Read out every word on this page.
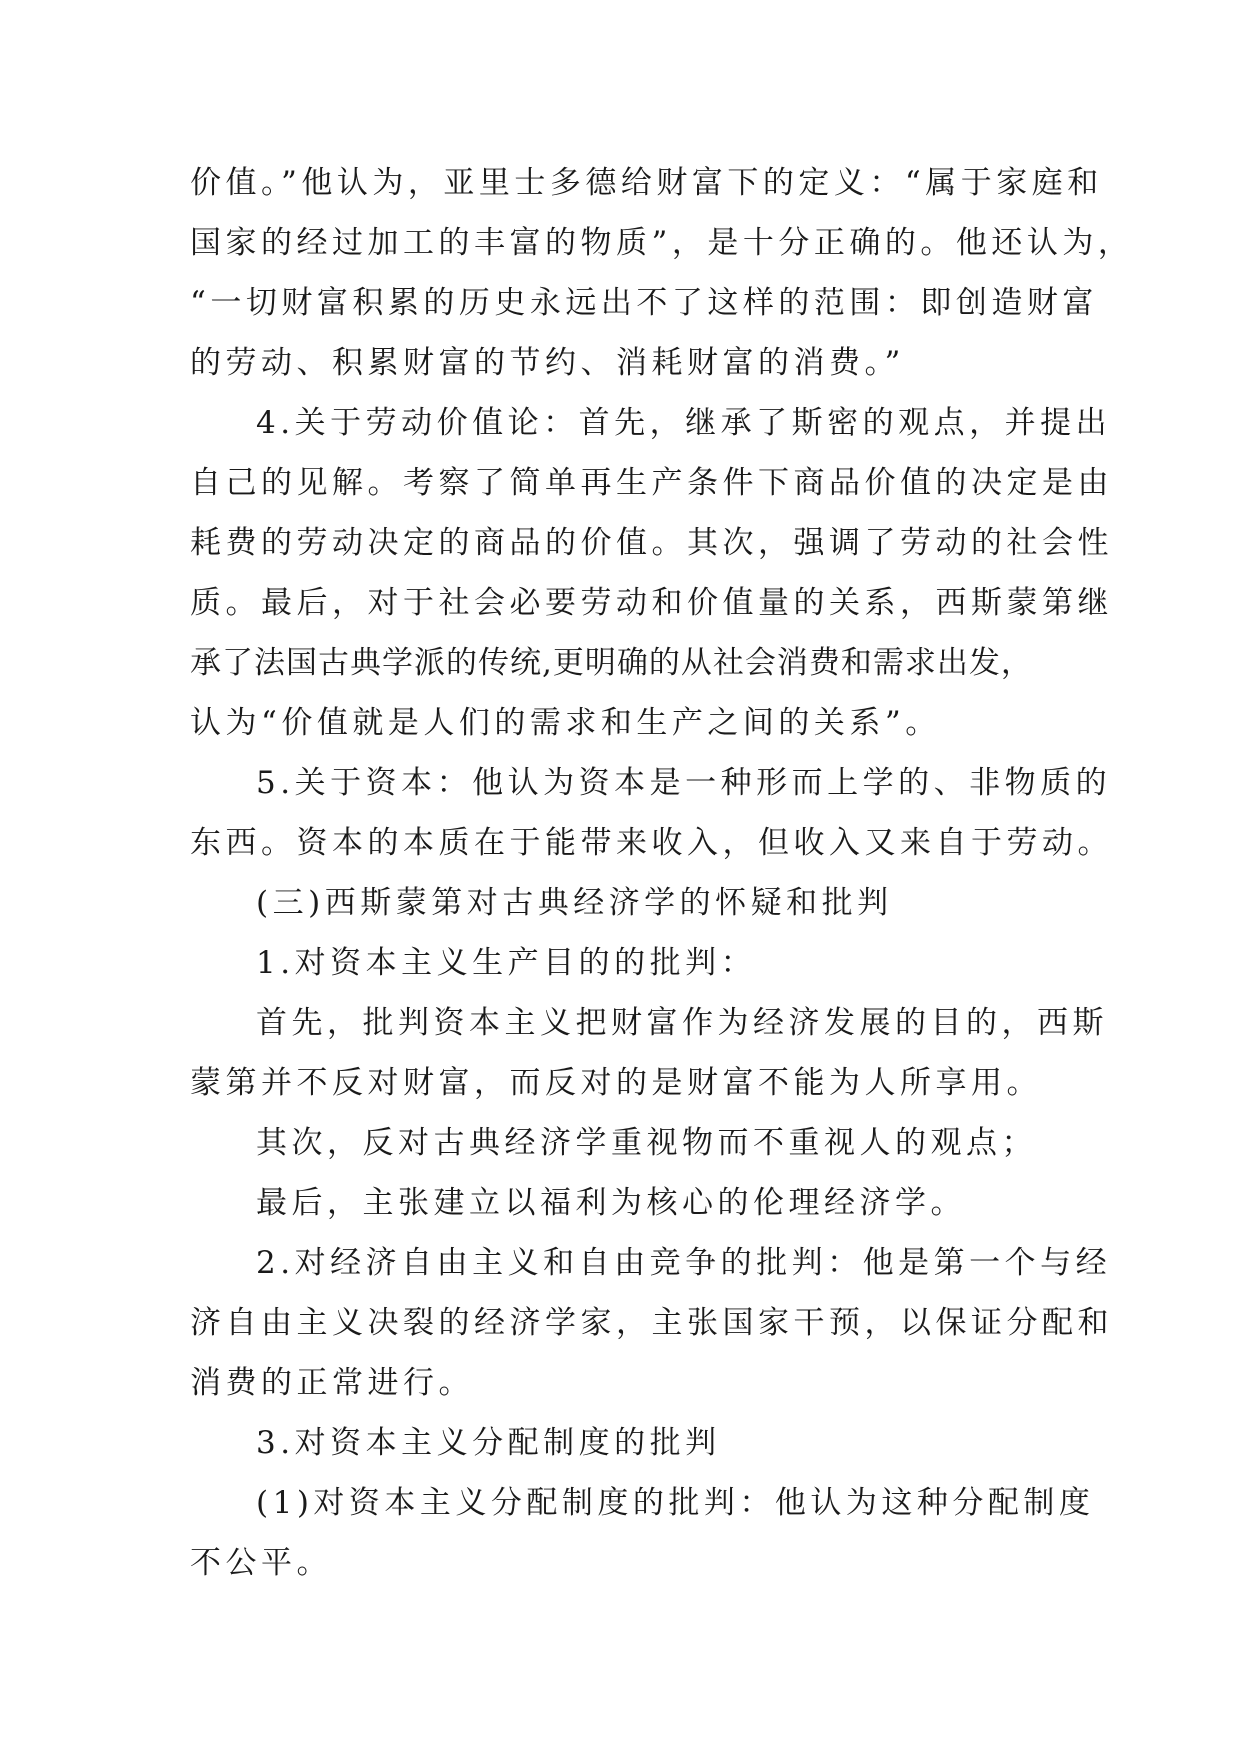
价值。”他认为，亚里士多德给财富下的定义：“属于家庭和
国家的经过加工的丰富的物质”，是十分正确的。他还认为，
“一切财富积累的历史永远出不了这样的范围：即创造财富
的劳动、积累财富的节约、消耗财富的消费。”
4.关于劳动价值论：首先，继承了斯密的观点，并提出
自己的见解。考察了简单再生产条件下商品价值的决定是由
耗费的劳动决定的商品的价值。其次，强调了劳动的社会性
质。最后，对于社会必要劳动和价值量的关系，西斯蒙第继
承了法国古典学派的传统,更明确的从社会消费和需求出发，
认为“价值就是人们的需求和生产之间的关系”。
5.关于资本：他认为资本是一种形而上学的、非物质的
东西。资本的本质在于能带来收入，但收入又来自于劳动。
(三)西斯蒙第对古典经济学的怀疑和批判
1.对资本主义生产目的的批判：
首先，批判资本主义把财富作为经济发展的目的，西斯
蒙第并不反对财富，而反对的是财富不能为人所享用。
其次，反对古典经济学重视物而不重视人的观点；
最后，主张建立以福利为核心的伦理经济学。
2.对经济自由主义和自由竞争的批判：他是第一个与经
济自由主义决裂的经济学家，主张国家干预，以保证分配和
消费的正常进行。
3.对资本主义分配制度的批判
(1)对资本主义分配制度的批判：他认为这种分配制度
不公平。
